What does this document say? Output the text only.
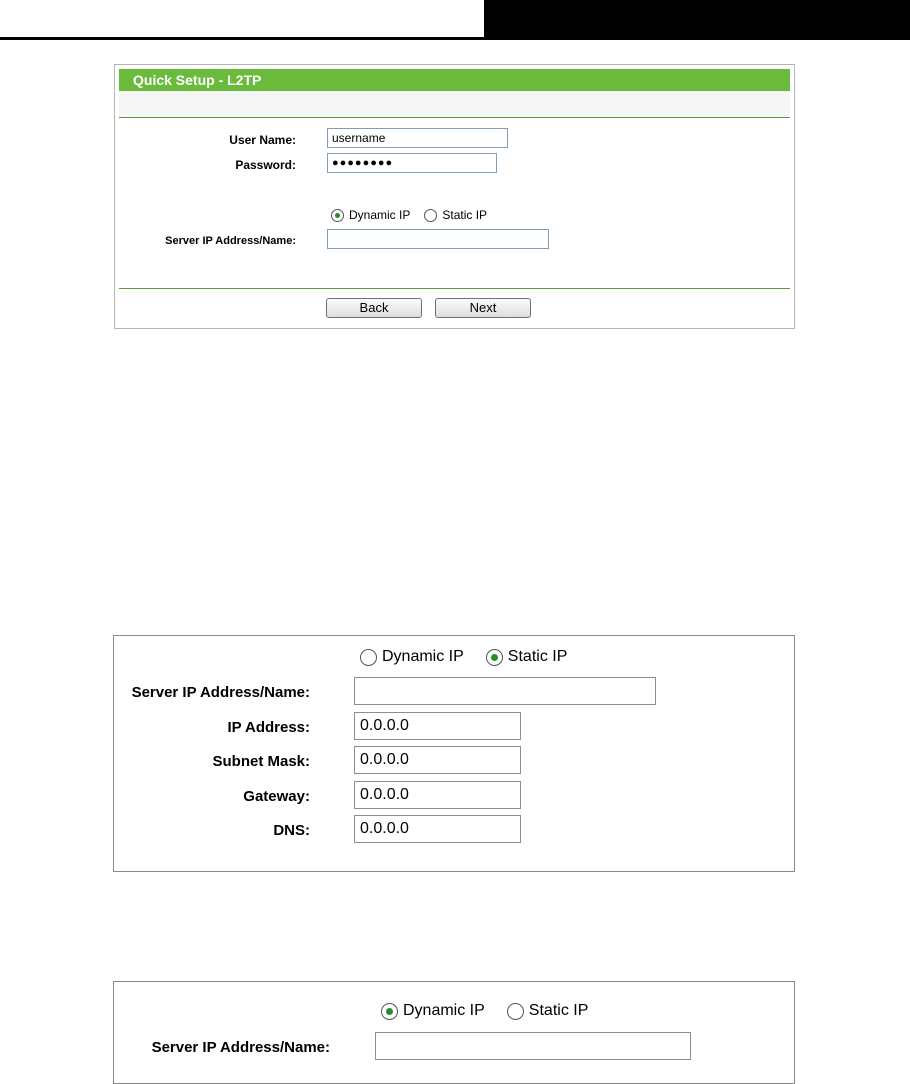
Quick Setup - L2TP
User Name:	username
Password:	●●●●●●●●
Dynamic IP	Static IP
Server IP Address/Name:
Back	Next
Dynamic IP	Static IP
Server IP Address/Name:
IP Address:	0.0.0.0
Subnet Mask:	0.0.0.0
Gateway:	0.0.0.0
DNS:	0.0.0.0
Dynamic IP	Static IP
Server IP Address/Name:
